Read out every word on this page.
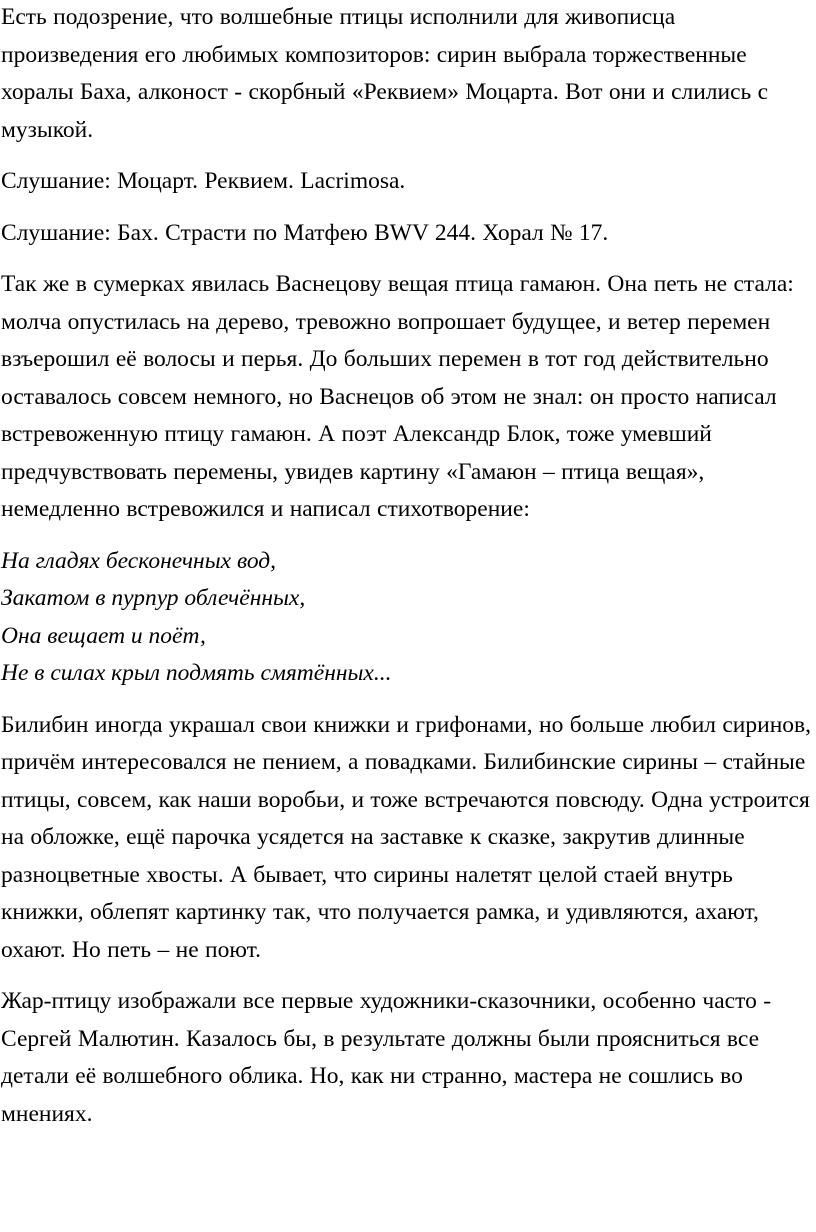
Есть подозрение, что волшебные птицы исполнили для живописца произведения его любимых композиторов: сирин выбрала торжественные хоралы Баха, алконост - скорбный «Реквием» Моцарта. Вот они и слились с музыкой.

Слушание: Моцарт. Реквием. Lacrimosa.

Слушание: Бах. Страсти по Матфею BWV 244. Хорал № 17.

Так же в сумерках явилась Васнецову вещая птица гамаюн. Она петь не стала: молча опустилась на дерево, тревожно вопрошает будущее, и ветер перемен взъерошил её волосы и перья. До больших перемен в тот год действительно оставалось совсем немного, но Васнецов об этом не знал: он просто написал встревоженную птицу гамаюн. А поэт Александр Блок, тоже умевший предчувствовать перемены, увидев картину «Гамаюн – птица вещая», немедленно встревожился и написал стихотворение:

На гладях бесконечных вод,
Закатом в пурпур облечённых,
Она вещает и поёт,
Не в силах крыл подмять смятённых...

Билибин иногда украшал свои книжки и грифонами, но больше любил сиринов, причём интересовался не пением, а повадками. Билибинские сирины – стайные птицы, совсем, как наши воробьи, и тоже встречаются повсюду. Одна устроится на обложке, ещё парочка усядется на заставке к сказке, закрутив длинные разноцветные хвосты. А бывает, что сирины налетят целой стаей внутрь книжки, облепят картинку так, что получается рамка, и удивляются, ахают, охают. Но петь – не поют.

Жар-птицу изображали все первые художники-сказочники, особенно часто - Сергей Малютин. Казалось бы, в результате должны были проясниться все детали её волшебного облика. Но, как ни странно, мастера не сошлись во мнениях.
